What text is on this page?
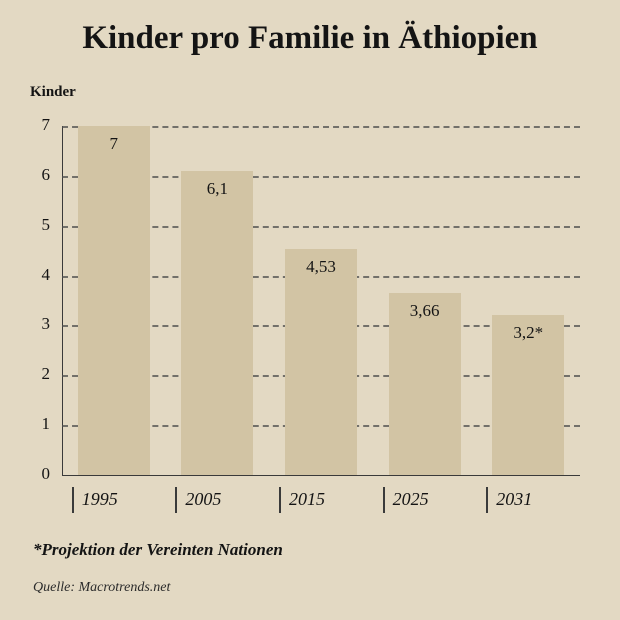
Kinder pro Familie in Äthiopien
Kinder
0
1
2
3
4
5
6
7
7
6,1
4,53
3,66
3,2*
1995	2005	2015	2025	2031
*Projektion der Vereinten Nationen
Quelle: Macrotrends.net
